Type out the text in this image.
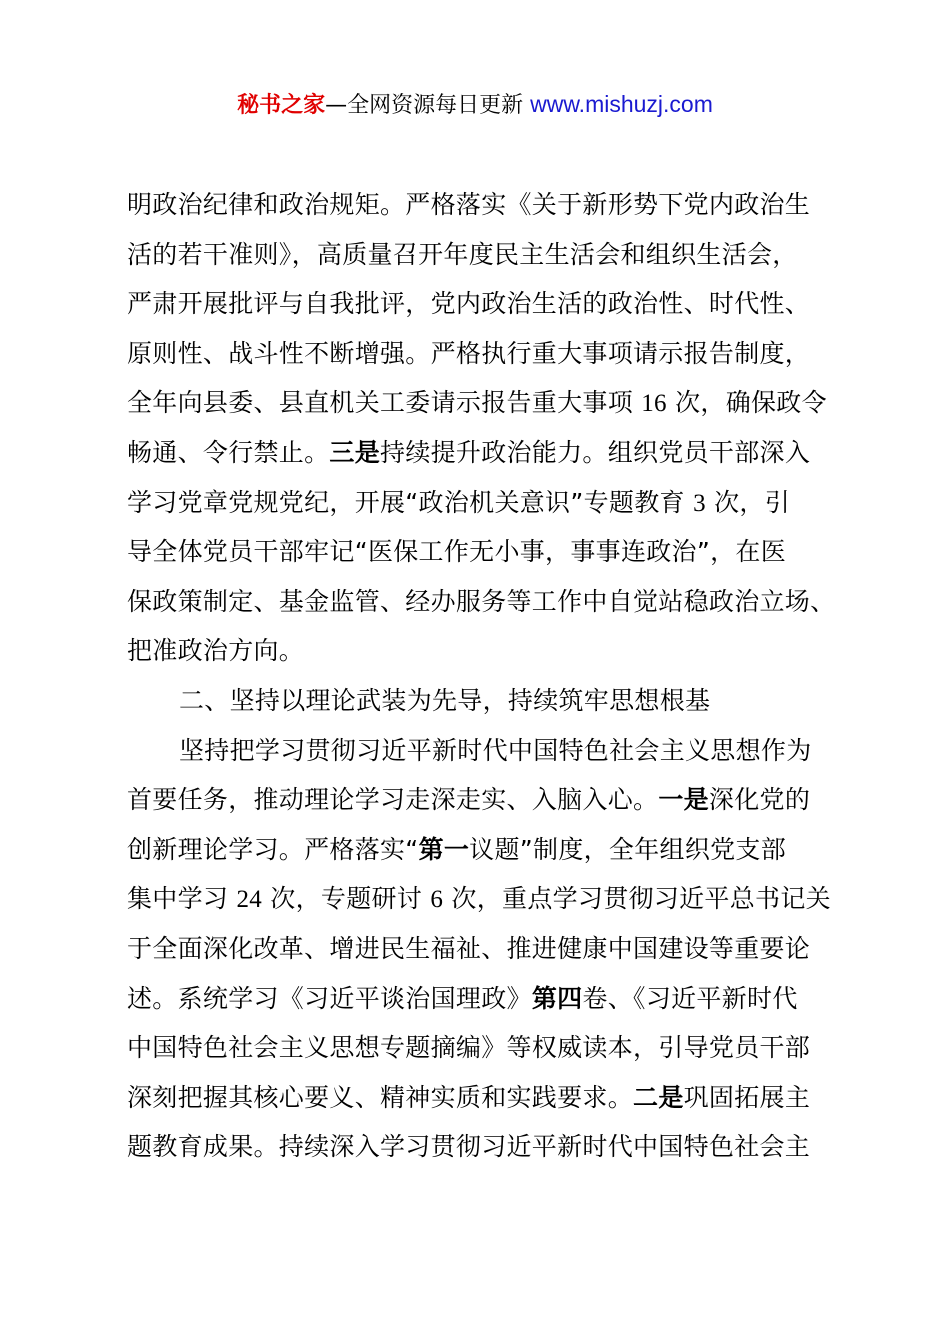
秘书之家—全网资源每日更新 www.mishuzj.com
明政治纪律和政治规矩。严格落实《关于新形势下党内政治生
活的若干准则》，高质量召开年度民主生活会和组织生活会，
严肃开展批评与自我批评，党内政治生活的政治性、时代性、
原则性、战斗性不断增强。严格执行重大事项请示报告制度，
全年向县委、县直机关工委请示报告重大事项 16 次，确保政令
畅通、令行禁止。三是持续提升政治能力。组织党员干部深入
学习党章党规党纪，开展“政治机关意识”专题教育 3 次，引
导全体党员干部牢记“医保工作无小事，事事连政治”，在医
保政策制定、基金监管、经办服务等工作中自觉站稳政治立场、
把准政治方向。
二、坚持以理论武装为先导，持续筑牢思想根基
坚持把学习贯彻习近平新时代中国特色社会主义思想作为
首要任务，推动理论学习走深走实、入脑入心。一是深化党的
创新理论学习。严格落实“第一议题”制度，全年组织党支部
集中学习 24 次，专题研讨 6 次，重点学习贯彻习近平总书记关
于全面深化改革、增进民生福祉、推进健康中国建设等重要论
述。系统学习《习近平谈治国理政》第四卷、《习近平新时代
中国特色社会主义思想专题摘编》等权威读本，引导党员干部
深刻把握其核心要义、精神实质和实践要求。二是巩固拓展主
题教育成果。持续深入学习贯彻习近平新时代中国特色社会主
